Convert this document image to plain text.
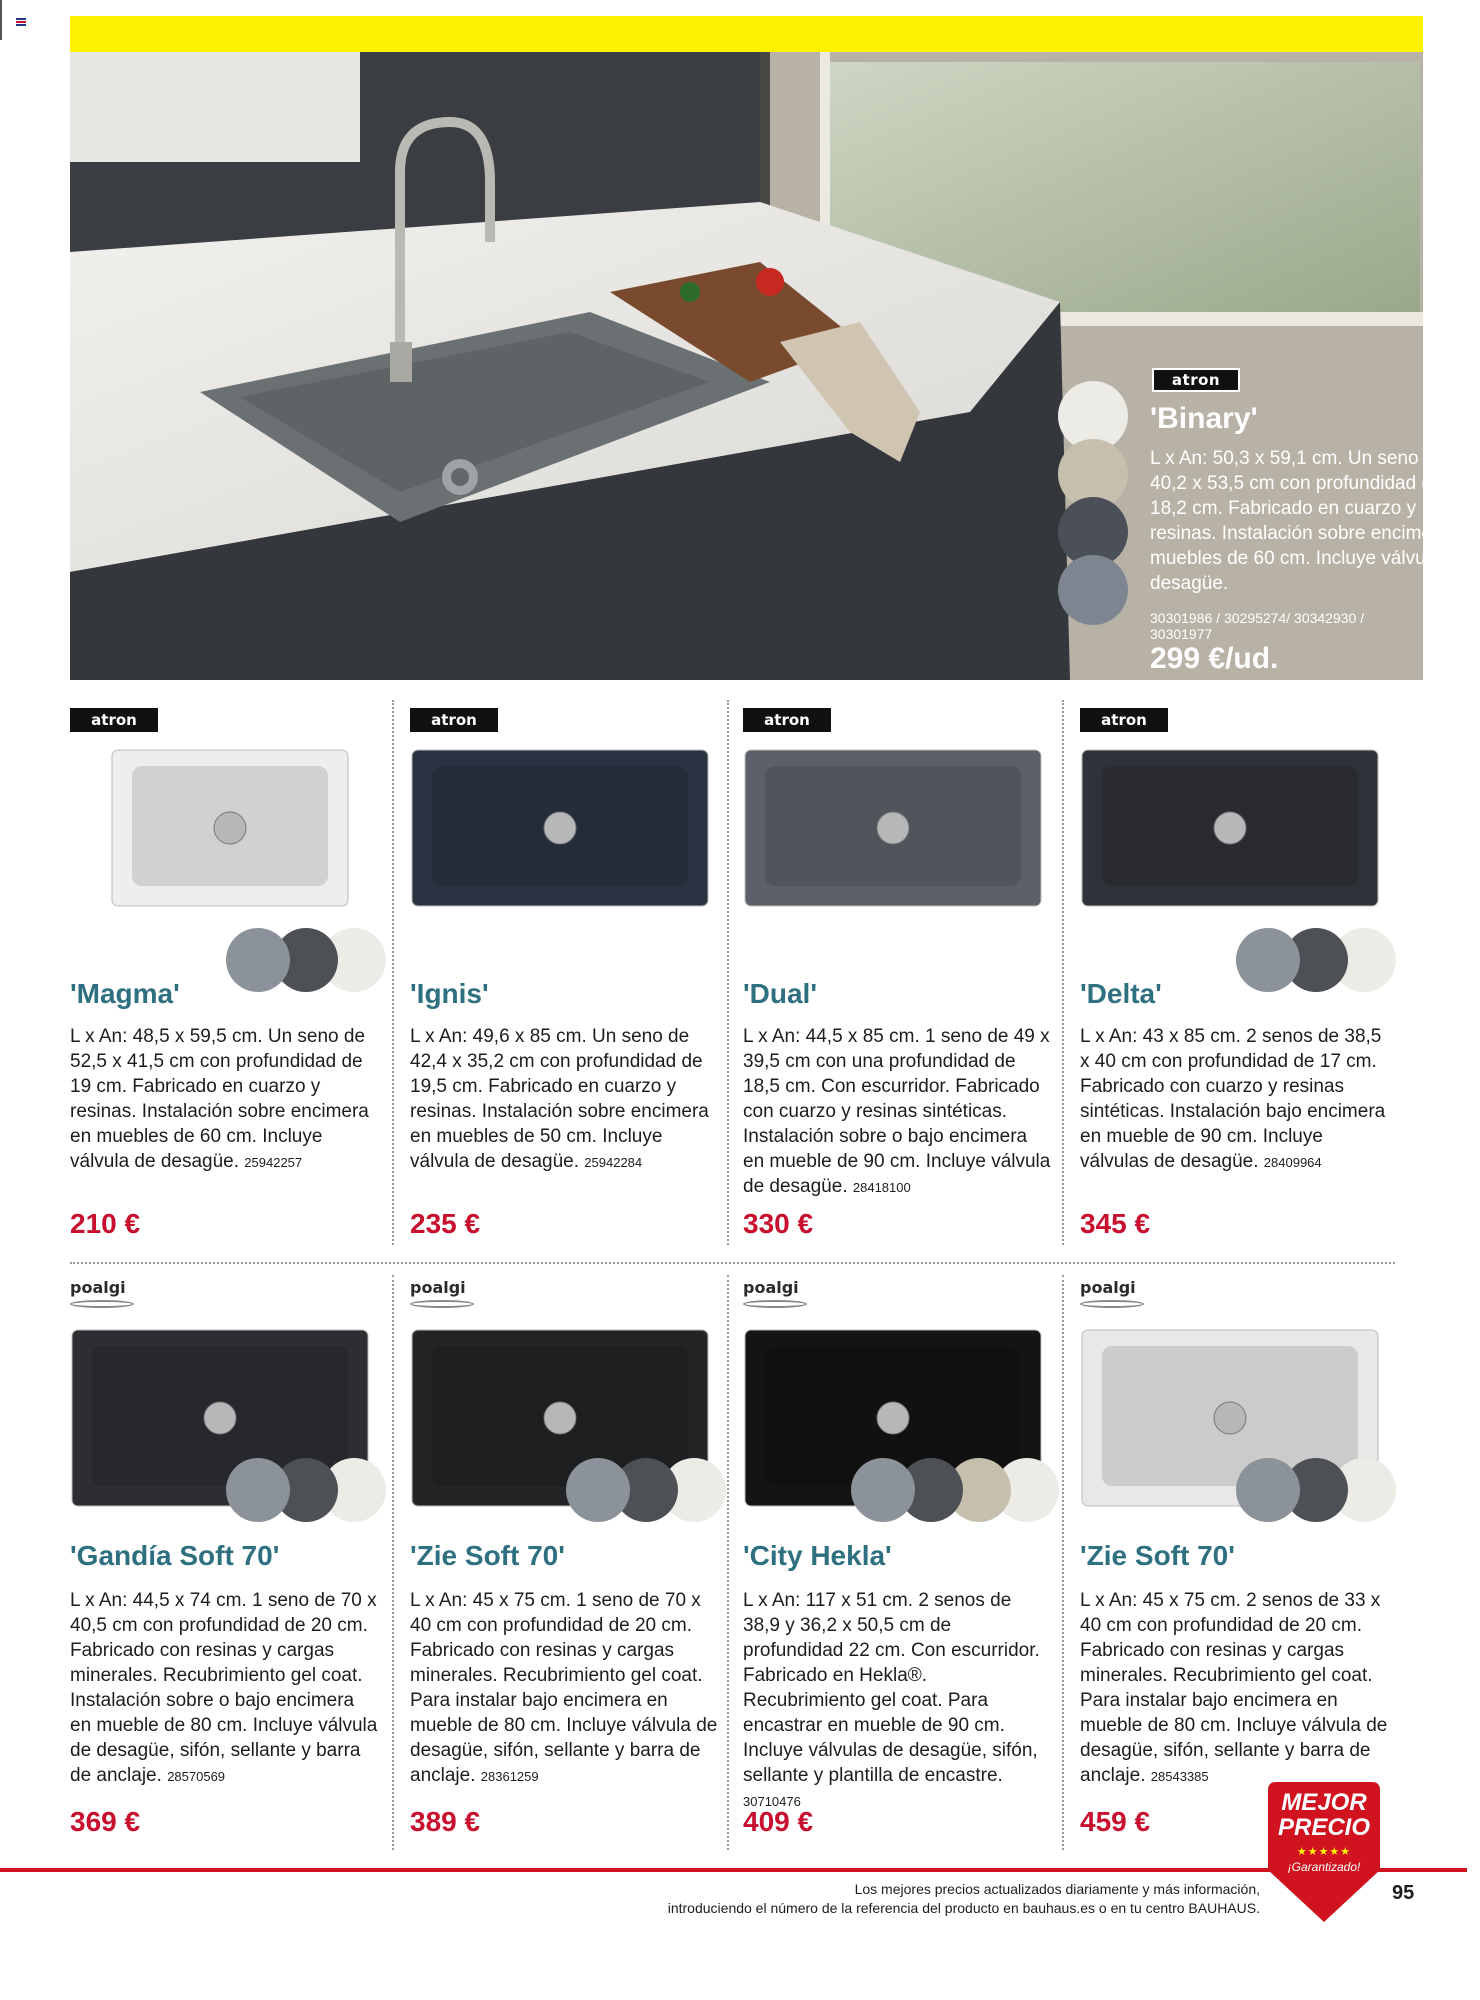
atron
'Binary'
L x An: 50,3 x 59,1 cm. Un seno de 40,2 x 53,5 cm con profundidad de 18,2 cm. Fabricado en cuarzo y resinas. Instalación sobre encimera en muebles de 60 cm. Incluye válvula de desagüe.
30301986 / 30295274/ 30342930 / 30301977
299 €/ud.
atron
'Magma'
L x An: 48,5 x 59,5 cm. Un seno de 52,5 x 41,5 cm con profundidad de 19 cm. Fabricado en cuarzo y resinas. Instalación sobre encimera en muebles de 60 cm. Incluye válvula de desagüe. 25942257
210 €
atron
'Ignis'
L x An: 49,6 x 85 cm. Un seno de 42,4 x 35,2 cm con profundidad de 19,5 cm. Fabricado en cuarzo y resinas. Instalación sobre encimera en muebles de 50 cm. Incluye válvula de desagüe. 25942284
235 €
atron
'Dual'
L x An: 44,5 x 85 cm. 1 seno de 49 x 39,5 cm con una profundidad de 18,5 cm. Con escurridor. Fabricado con cuarzo y resinas sintéticas. Instalación sobre o bajo encimera en mueble de 90 cm. Incluye válvula de desagüe. 28418100
330 €
atron
'Delta'
L x An: 43 x 85 cm. 2 senos de 38,5 x 40 cm con profundidad de 17 cm. Fabricado con cuarzo y resinas sintéticas. Instalación bajo encimera en mueble de 90 cm. Incluye válvulas de desagüe. 28409964
345 €
poalgi
'Gandía Soft 70'
L x An: 44,5 x 74 cm. 1 seno de 70 x 40,5 cm con profundidad de 20 cm. Fabricado con resinas y cargas minerales. Recubrimiento gel coat. Instalación sobre o bajo encimera en mueble de 80 cm. Incluye válvula de desagüe, sifón, sellante y barra de anclaje. 28570569
369 €
poalgi
'Zie Soft 70'
L x An: 45 x 75 cm. 1 seno de 70 x 40 cm con profundidad de 20 cm. Fabricado con resinas y cargas minerales. Recubrimiento gel coat. Para instalar bajo encimera en mueble de 80 cm. Incluye válvula de desagüe, sifón, sellante y barra de anclaje. 28361259
389 €
poalgi
'City Hekla'
L x An: 117 x 51 cm. 2 senos de 38,9 y 36,2 x 50,5 cm de profundidad 22 cm. Con escurridor. Fabricado en Hekla®. Recubrimiento gel coat. Para encastrar en mueble de 90 cm. Incluye válvulas de desagüe, sifón, sellante y plantilla de encastre. 30710476
409 €
poalgi
'Zie Soft 70'
L x An: 45 x 75 cm. 2 senos de 33 x 40 cm con profundidad de 20 cm. Fabricado con resinas y cargas minerales. Recubrimiento gel coat. Para instalar bajo encimera en mueble de 80 cm. Incluye válvula de desagüe, sifón, sellante y barra de anclaje. 28543385
459 €
Los mejores precios actualizados diariamente y más información,
introduciendo el número de la referencia del producto en bauhaus.es o en tu centro BAUHAUS.
95
MEJOR
PRECIO
★★★★★
¡Garantizado!
